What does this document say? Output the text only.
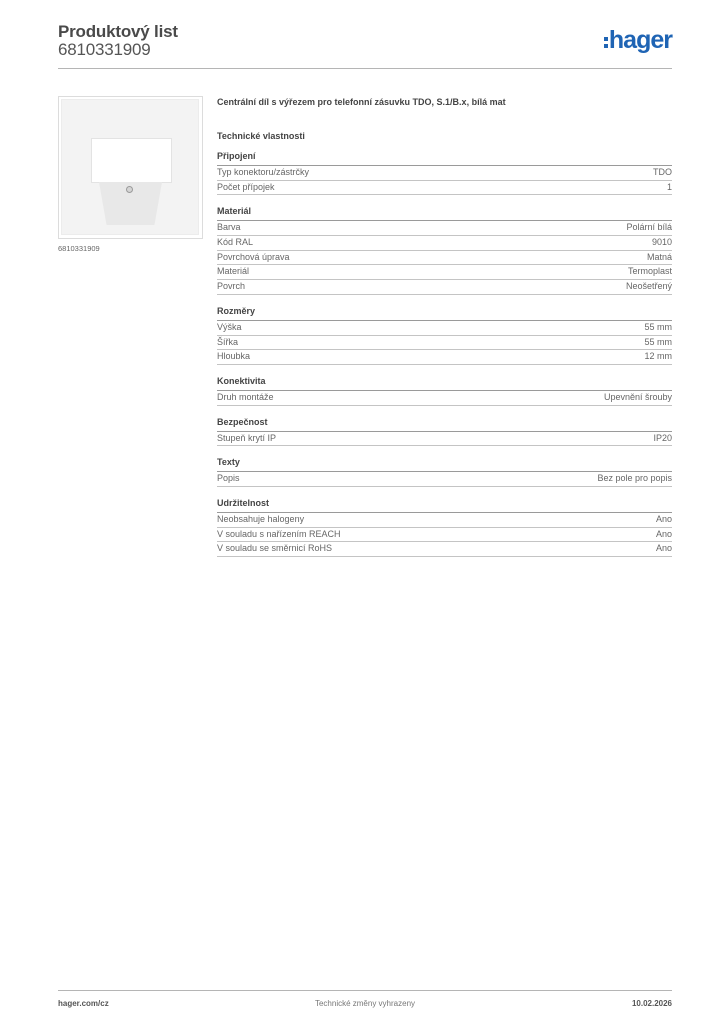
Produktový list
6810331909	hager
6810331909
Centrální díl s výřezem pro telefonní zásuvku TDO, S.1/B.x, bílá mat
Technické vlastnosti
Připojení
Typ konektoru/zástrčky	TDO
Počet přípojek	1
Materiál
Barva	Polární bílá
Kód RAL	9010
Povrchová úprava	Matná
Materiál	Termoplast
Povrch	Neošetřený
Rozměry
Výška	55 mm
Šířka	55 mm
Hloubka	12 mm
Konektivita
Druh montáže	Upevnění šrouby
Bezpečnost
Stupeň krytí IP	IP20
Texty
Popis	Bez pole pro popis
Udržitelnost
Neobsahuje halogeny	Ano
V souladu s nařízením REACH	Ano
V souladu se směrnicí RoHS	Ano
hager.com/cz	Technické změny vyhrazeny	10.02.2026
